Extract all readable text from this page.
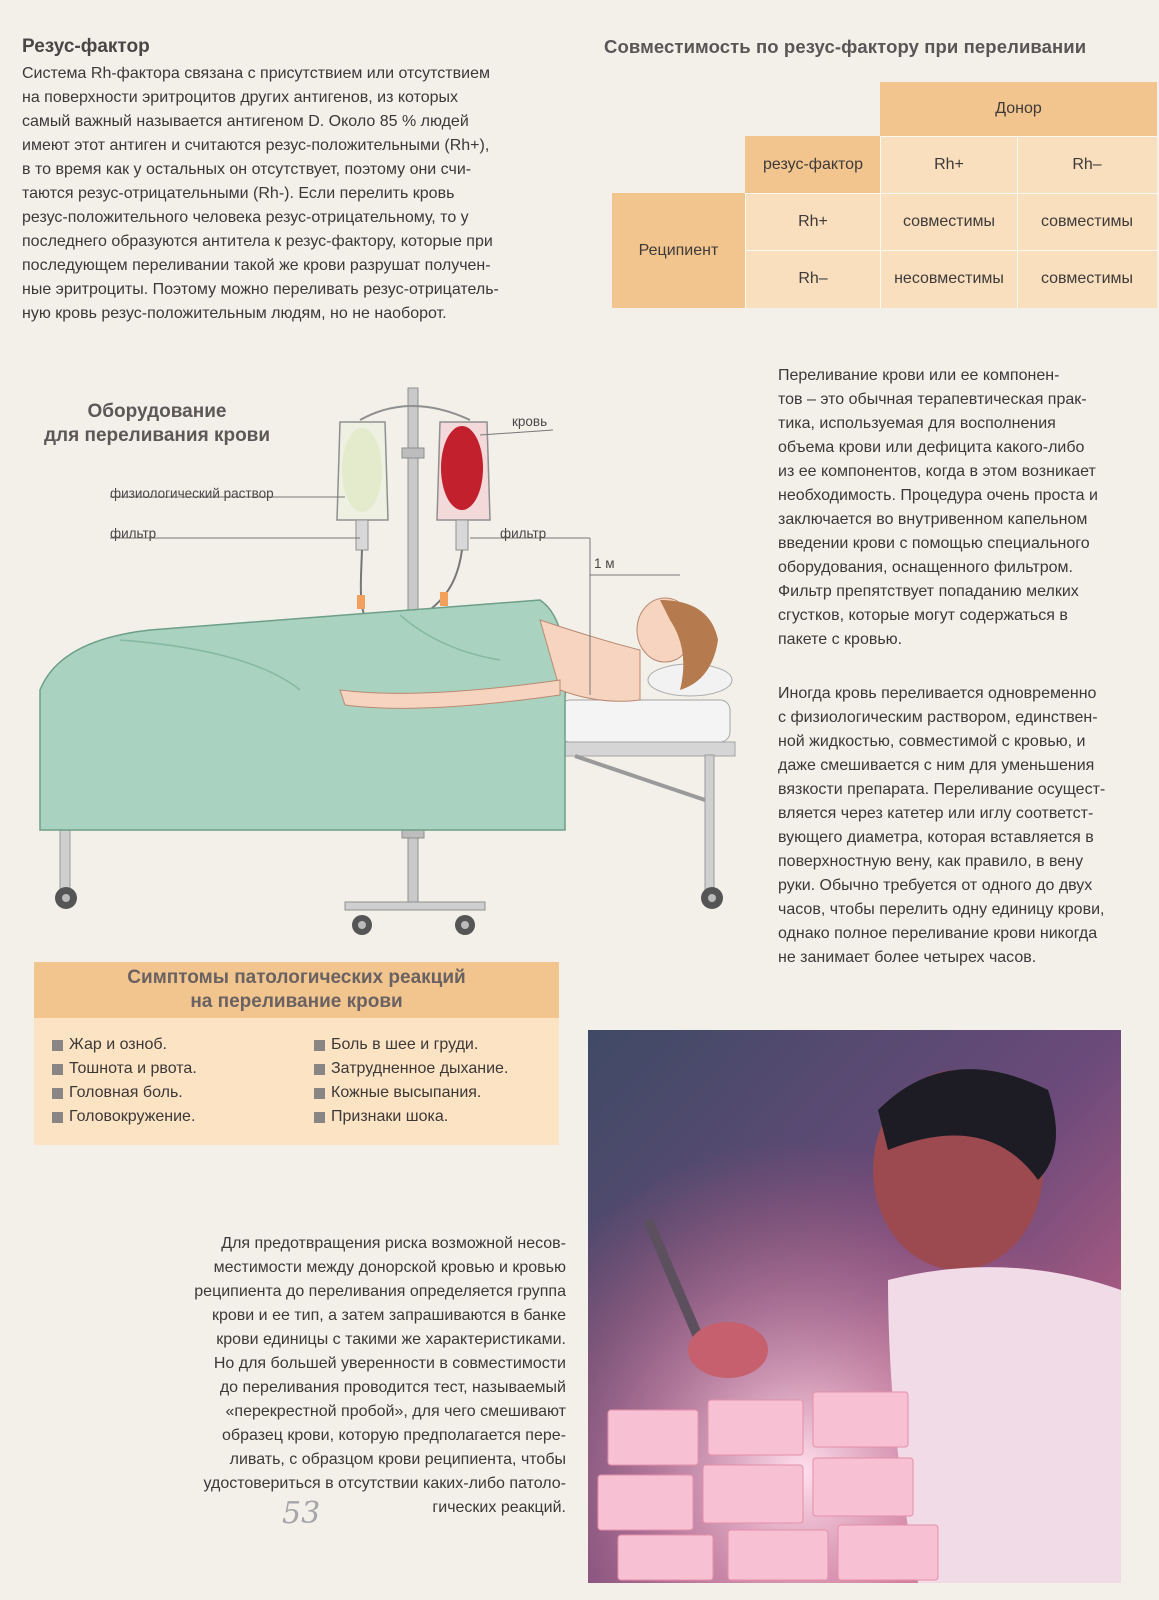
Резус-фактор
Система Rh-фактора связана с присутствием или отсутствием
на поверхности эритроцитов других антигенов, из которых
самый важный называется антигеном D. Около 85 % людей
имеют этот антиген и считаются резус-положительными (Rh+),
в то время как у остальных он отсутствует, поэтому они счи-
таются резус-отрицательными (Rh-). Если перелить кровь
резус-положительного человека резус-отрицательному, то у
последнего образуются антитела к резус-фактору, которые при
последующем переливании такой же крови разрушат получен-
ные эритроциты. Поэтому можно переливать резус-отрицатель-
ную кровь резус-положительным людям, но не наоборот.
Совместимость по резус-фактору при переливании
Донор
резус-фактор	Rh+	Rh–
Реципиент
Rh+	совместимы	совместимы
Rh–	несовместимы	совместимы
Переливание крови или ее компонен-
тов – это обычная терапевтическая прак-
тика, используемая для восполнения
объема крови или дефицита какого-либо
из ее компонентов, когда в этом возникает
необходимость. Процедура очень проста и
заключается во внутривенном капельном
введении крови с помощью специального
оборудования, оснащенного фильтром.
Фильтр препятствует попаданию мелких
сгустков, которые могут содержаться в
пакете с кровью.
Иногда кровь переливается одновременно
с физиологическим раствором, единствен-
ной жидкостью, совместимой с кровью, и
даже смешивается с ним для уменьшения
вязкости препарата. Переливание осущест-
вляется через катетер или иглу соответст-
вующего диаметра, которая вставляется в
поверхностную вену, как правило, в вену
руки. Обычно требуется от одного до двух
часов, чтобы перелить одну единицу крови,
однако полное переливание крови никогда
не занимает более четырех часов.
Оборудование
для переливания крови
кровь
физиологический раствор
фильтр	фильтр
1 м
Симптомы патологических реакций
на переливание крови
Жар и озноб.
Тошнота и рвота.
Головная боль.
Головокружение.
Боль в шее и груди.
Затрудненное дыхание.
Кожные высыпания.
Признаки шока.
Для предотвращения риска возможной несов-
местимости между донорской кровью и кровью
реципиента до переливания определяется группа
крови и ее тип, а затем запрашиваются в банке
крови единицы с такими же характеристиками.
Но для большей уверенности в совместимости
до переливания проводится тест, называемый
«перекрестной пробой», для чего смешивают
образец крови, которую предполагается пере-
ливать, с образцом крови реципиента, чтобы
удостовериться в отсутствии каких-либо патоло-
гических реакций.
53
